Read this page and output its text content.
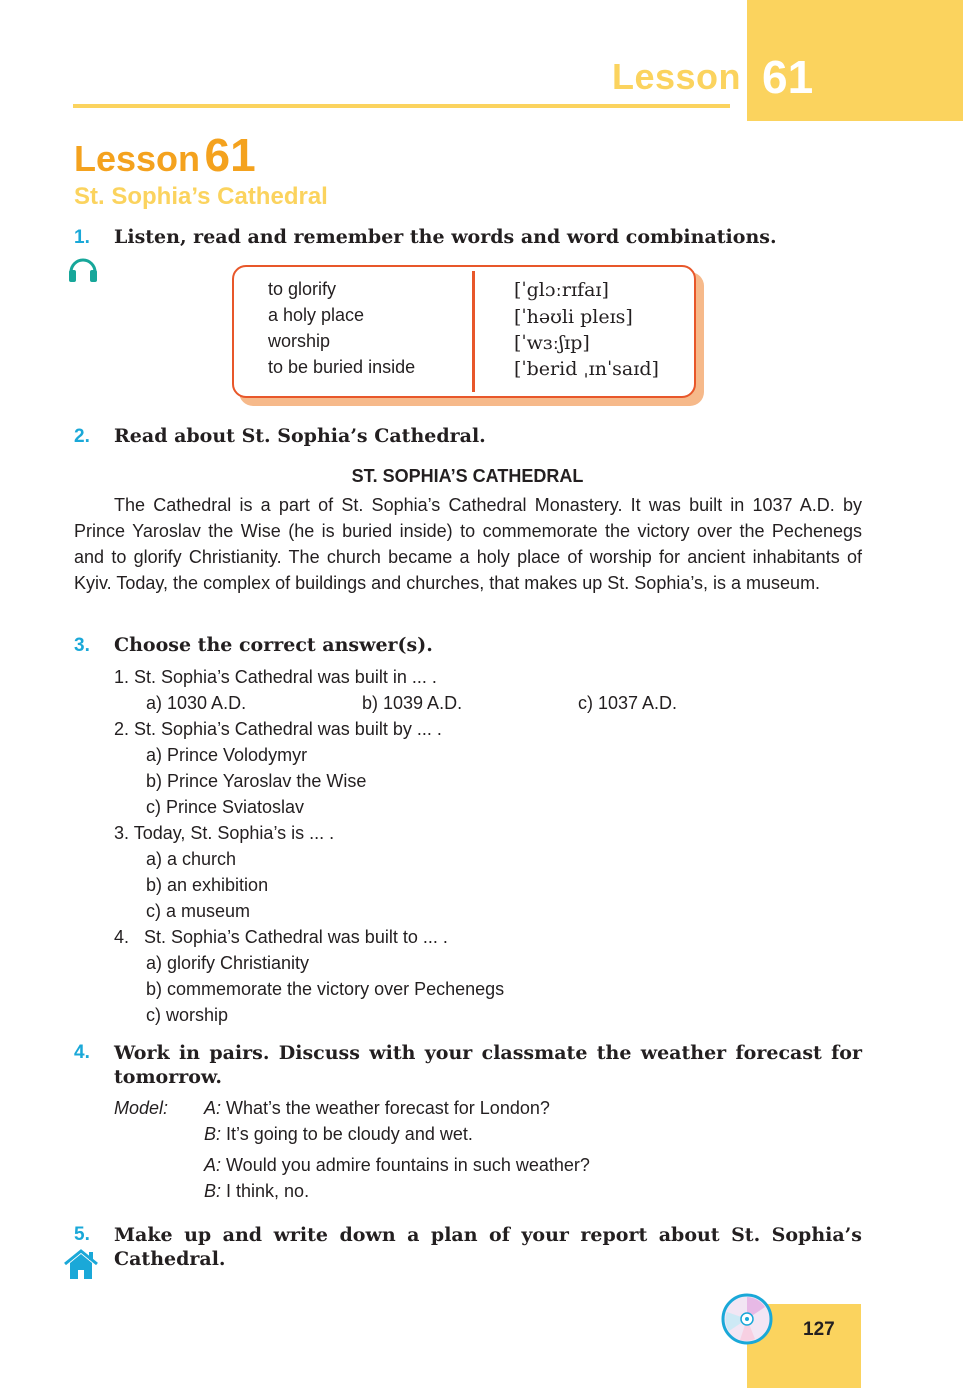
Lesson 61
Lesson 61
St. Sophia’s Cathedral
1. Listen, read and remember the words and word combinations.
to glorify
a holy place
worship
to be buried inside
[ˈglɔːrɪfaɪ]
[ˈhəʊli pleɪs]
[ˈwɜːʃɪp]
[ˈberid ˌɪnˈsaɪd]
2. Read about St. Sophia’s Cathedral.
ST. SOPHIA’S CATHEDRAL

The Cathedral is a part of St. Sophia’s Cathedral Monastery. It was built in 1037 A.D. by Prince Yaroslav the Wise (he is buried inside) to commemorate the victory over the Pechenegs and to glorify Christianity. The church became a holy place of worship for ancient inhabitants of Kyiv. Today, the complex of buildings and churches, that makes up St. Sophia’s, is a museum.

3. Choose the correct answer(s).
1. St. Sophia’s Cathedral was built in ... .
a) 1030 A.D.	b) 1039 A.D.	c) 1037 A.D.
2. St. Sophia’s Cathedral was built by ... .
a) Prince Volodymyr
b) Prince Yaroslav the Wise
c) Prince Sviatoslav
3. Today, St. Sophia’s is ... .
a) a church
b) an exhibition
c) a museum
4.   St. Sophia’s Cathedral was built to ... .
a) glorify Christianity
b) commemorate the victory over Pechenegs
c) worship
4. Work in pairs. Discuss with your classmate the weather forecast for tomorrow.
Model: A: What’s the weather forecast for London?
B: It’s going to be cloudy and wet.
A: Would you admire fountains in such weather?
B: I think, no.
5. Make up and write down a plan of your report about St. Sophia’s Cathedral.
127
